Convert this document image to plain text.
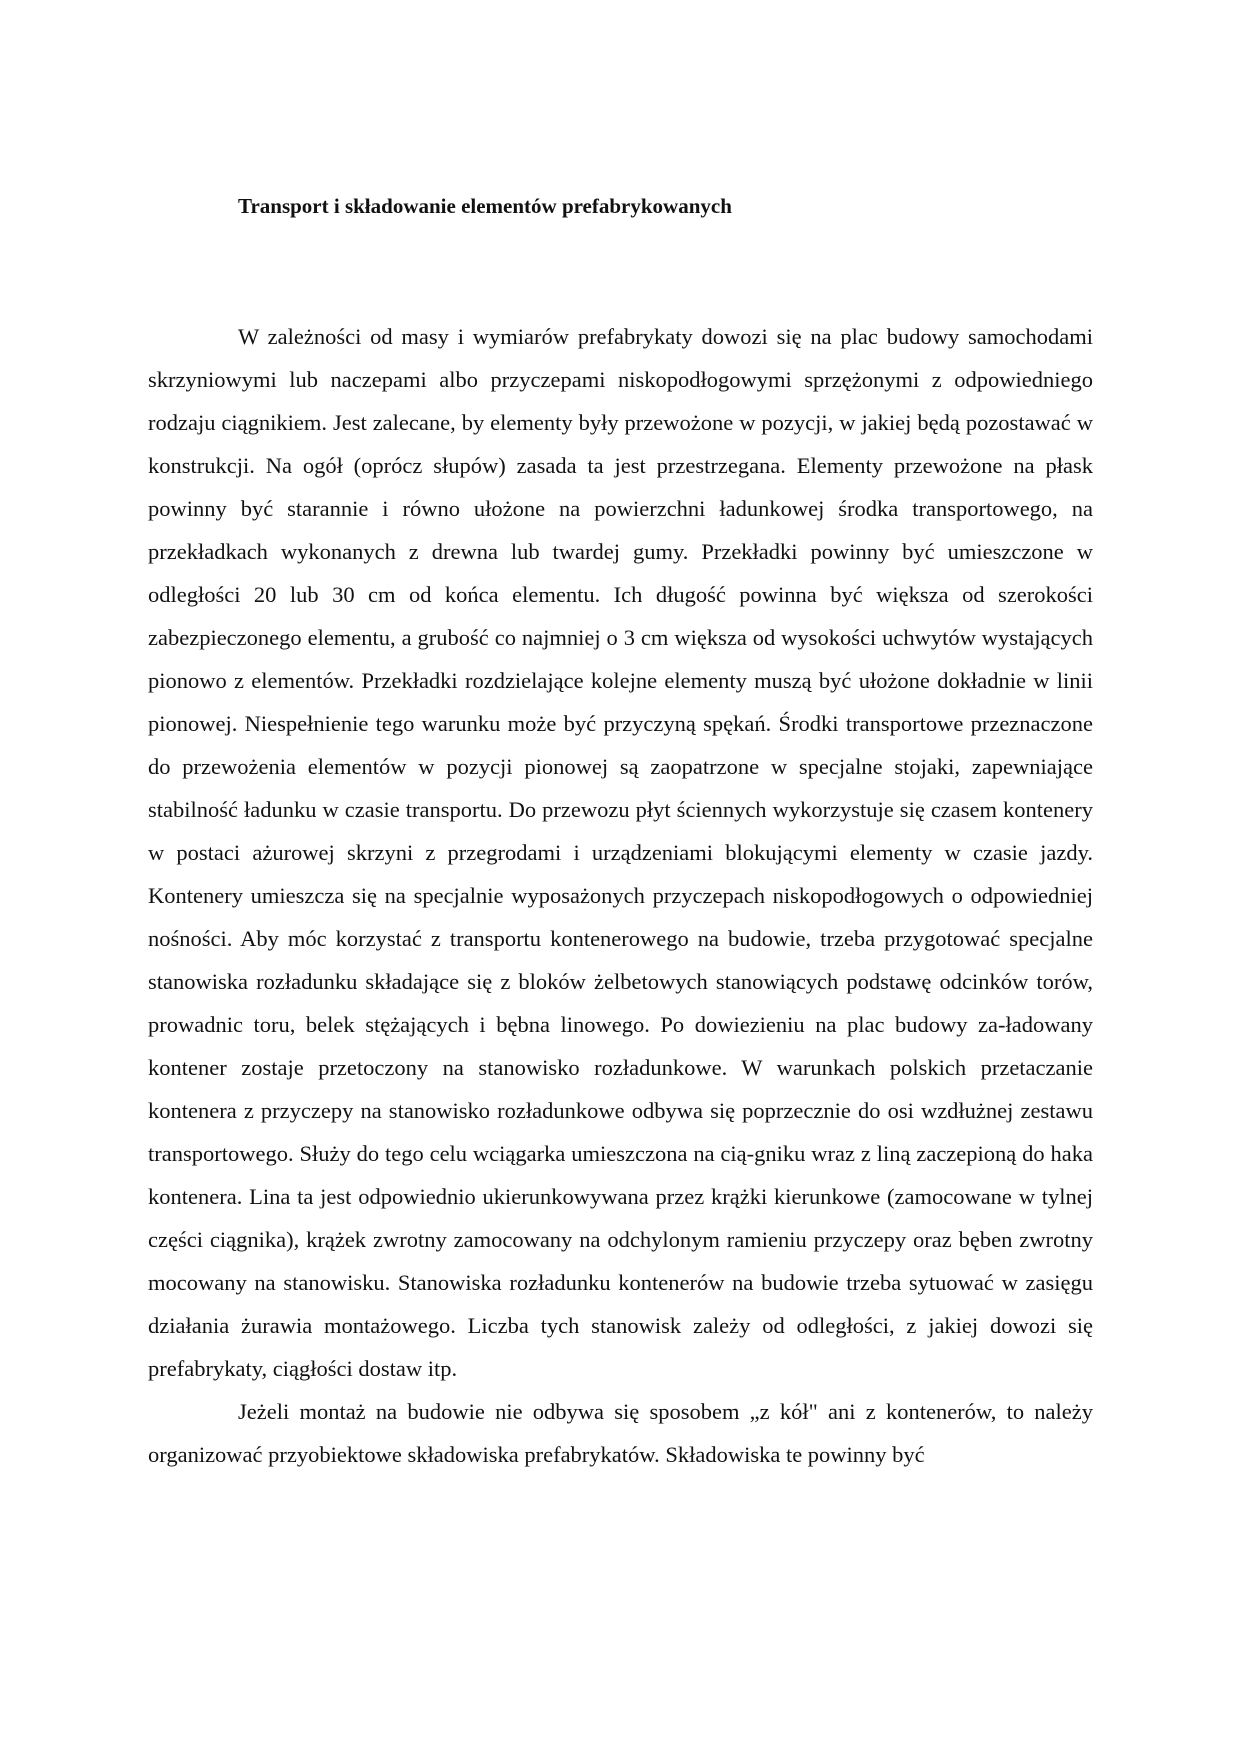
Transport i składowanie elementów prefabrykowanych

W zależności od masy i wymiarów prefabrykaty dowozi się na plac budowy samochodami skrzyniowymi lub naczepami albo przyczepami niskopodłogowymi sprzężonymi z odpowiedniego rodzaju ciągnikiem. Jest zalecane, by elementy były przewożone w pozycji, w jakiej będą pozostawać w konstrukcji. Na ogół (oprócz słupów) zasada ta jest przestrzegana. Elementy przewożone na płask powinny być starannie i równo ułożone na powierzchni ładunkowej środka transportowego, na przekładkach wykonanych z drewna lub twardej gumy. Przekładki powinny być umieszczone w odległości 20 lub 30 cm od końca elementu. Ich długość powinna być większa od szerokości zabezpieczonego elementu, a grubość co najmniej o 3 cm większa od wysokości uchwytów wystających pionowo z elementów. Przekładki rozdzielające kolejne elementy muszą być ułożone dokładnie w linii pionowej. Niespełnienie tego warunku może być przyczyną spękań. Środki transportowe przeznaczone do przewożenia elementów w pozycji pionowej są zaopatrzone w specjalne stojaki, zapewniające stabilność ładunku w czasie transportu. Do przewozu płyt ściennych wykorzystuje się czasem kontenery w postaci ażurowej skrzyni z przegrodami i urządzeniami blokującymi elementy w czasie jazdy. Kontenery umieszcza się na specjalnie wyposażonych przyczepach niskopodłogowych o odpowiedniej nośności. Aby móc korzystać z transportu kontenerowego na budowie, trzeba przygotować specjalne stanowiska rozładunku składające się z bloków żelbetowych stanowiących podstawę odcinków torów, prowadnic toru, belek stężających i bębna linowego. Po dowiezieniu na plac budowy za-ładowany kontener zostaje przetoczony na stanowisko rozładunkowe. W warunkach polskich przetaczanie kontenera z przyczepy na stanowisko rozładunkowe odbywa się poprzecznie do osi wzdłużnej zestawu transportowego. Służy do tego celu wciągarka umieszczona na cią-gniku wraz z liną zaczepioną do haka kontenera. Lina ta jest odpowiednio ukierunkowywana przez krążki kierunkowe (zamocowane w tylnej części ciągnika), krążek zwrotny zamocowany na odchylonym ramieniu przyczepy oraz bęben zwrotny mocowany na stanowisku. Stanowiska rozładunku kontenerów na budowie trzeba sytuować w zasięgu działania żurawia montażowego. Liczba tych stanowisk zależy od odległości, z jakiej dowozi się prefabrykaty, ciągłości dostaw itp.

Jeżeli montaż na budowie nie odbywa się sposobem „z kół" ani z kontenerów, to należy organizować przyobiektowe składowiska prefabrykatów. Składowiska te powinny być
